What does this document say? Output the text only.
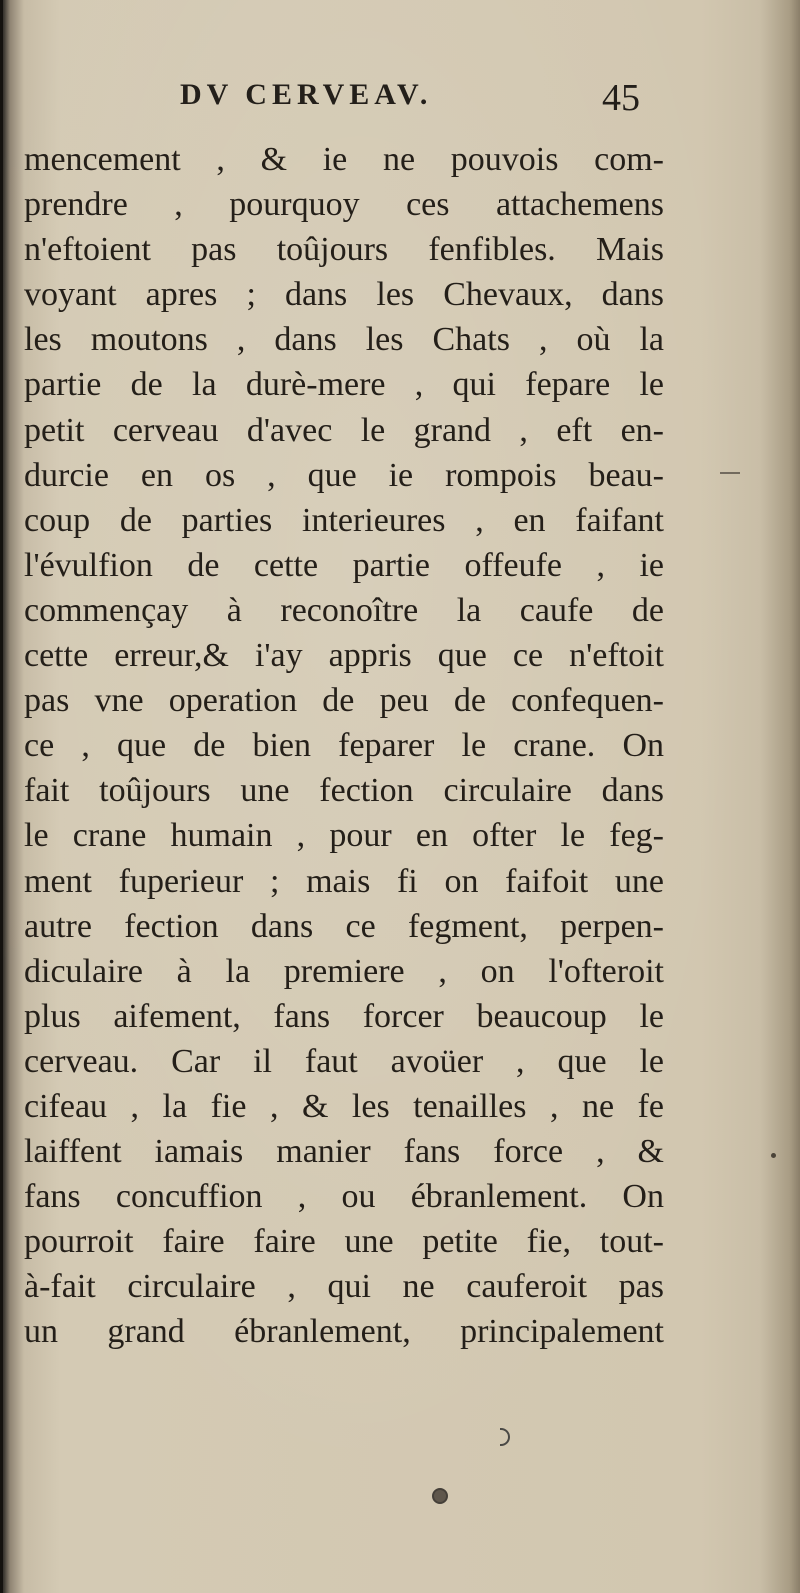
DV CERVEAV.	45
mencement , & ie ne pouvois com-
prendre , pourquoy ces attachemens
n'eftoient pas toûjours fenfibles. Mais
voyant apres ; dans les Chevaux, dans
les moutons , dans les Chats , où la
partie de la durè-mere , qui fepare le
petit cerveau d'avec le grand , eft en-
durcie en os , que ie rompois beau-
coup de parties interieures , en faifant
l'évulfion de cette partie offeufe , ie
commençay à reconoître la caufe de
cette erreur,& i'ay appris que ce n'eftoit
pas vne operation de peu de confequen-
ce , que de bien feparer le crane. On
fait toûjours une fection circulaire dans
le crane humain , pour en ofter le feg-
ment fuperieur ; mais fi on faifoit une
autre fection dans ce fegment, perpen-
diculaire à la premiere , on l'ofteroit
plus aifement, fans forcer beaucoup le
cerveau. Car il faut avoüer , que le
cifeau , la fie , & les tenailles , ne fe
laiffent iamais manier fans force , &
fans concuffion , ou ébranlement. On
pourroit faire faire une petite fie, tout-
à-fait circulaire , qui ne cauferoit pas
un grand ébranlement, principalement
